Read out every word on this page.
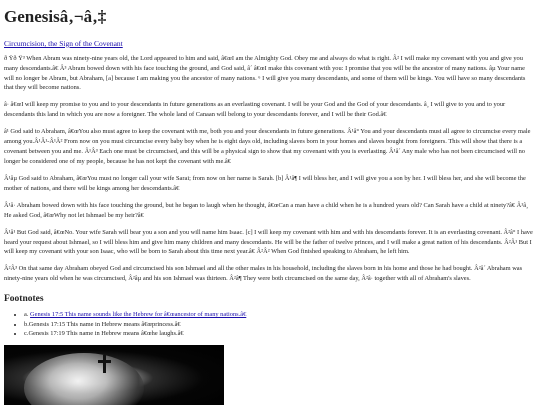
Genesisâ‚¬â‚‡
Circumcision, the Sign of the Covenant

ð Ÿð Ÿ³ When Abram was ninety-nine years old, the Lord appeared to him and said, â€œI am the Almighty God. Obey me and always do what is right. Â² I will make my covenant with you and give you many descendants.â€ Â³ Abram bowed down with his face touching the ground, and God said, â´ â€œI make this covenant with you: I promise that you will be the ancestor of many nations. âµ Your name will no longer be Abram, but Abraham, [a] because I am making you the ancestor of many nations. ⁶ I will give you many descendants, and some of them will be kings. You will have so many descendants that they will become nations.

â· â€œI will keep my promise to you and to your descendants in future generations as an everlasting covenant. I will be your God and the God of your descendants. â¸ I will give to you and to your descendants this land in which you are now a foreigner. The whole land of Canaan will belong to your descendants forever, and I will be their God.â€

â¹ God said to Abraham, â€œYou also must agree to keep the covenant with me, both you and your descendants in future generations. Â¹â° You and your descendants must all agree to circumcise every male among you.Â¹Â¹-Â¹Â² From now on you must circumcise every baby boy when he is eight days old, including slaves born in your homes and slaves bought from foreigners. This will show that there is a covenant between you and me. Â¹Â³ Each one must be circumcised, and this will be a physical sign to show that my covenant with you is everlasting. Â¹â´ Any male who has not been circumcised will no longer be considered one of my people, because he has not kept the covenant with me.â€

Â¹âµ God said to Abraham, â€œYou must no longer call your wife Sarai; from now on her name is Sarah. [b] Â¹â¶ I will bless her, and I will give you a son by her. I will bless her, and she will become the mother of nations, and there will be kings among her descendants.â€

Â¹â· Abraham bowed down with his face touching the ground, but he began to laugh when he thought, â€œCan a man have a child when he is a hundred years old? Can Sarah have a child at ninety?â€ Â¹â¸ He asked God, â€œWhy not let Ishmael be my heir?â€

Â¹â¹ But God said, â€œNo. Your wife Sarah will bear you a son and you will name him Isaac. [c] I will keep my covenant with him and with his descendants forever. It is an everlasting covenant. Â²â° I have heard your request about Ishmael, so I will bless him and give him many children and many descendants. He will be the father of twelve princes, and I will make a great nation of his descendants. Â²Â¹ But I will keep my covenant with your son Isaac, who will be born to Sarah about this time next year.â€ Â²Â² When God finished speaking to Abraham, he left him.

Â²Â³ On that same day Abraham obeyed God and circumcised his son Ishmael and all the other males in his household, including the slaves born in his home and those he had bought. Â²â´ Abraham was ninety-nine years old when he was circumcised, Â²âµ and his son Ishmael was thirteen. Â²â¶ They were both circumcised on the same day, Â²â· together with all of Abraham's slaves.

Footnotes
• a. Genesis 17:5 This name sounds like the Hebrew for â€œancestor of many nations.â€
• b.Genesis 17:15 This name in Hebrew means â€œprincess.â€
• c.Genesis 17:19 This name in Hebrew means â€œhe laughs.â€
